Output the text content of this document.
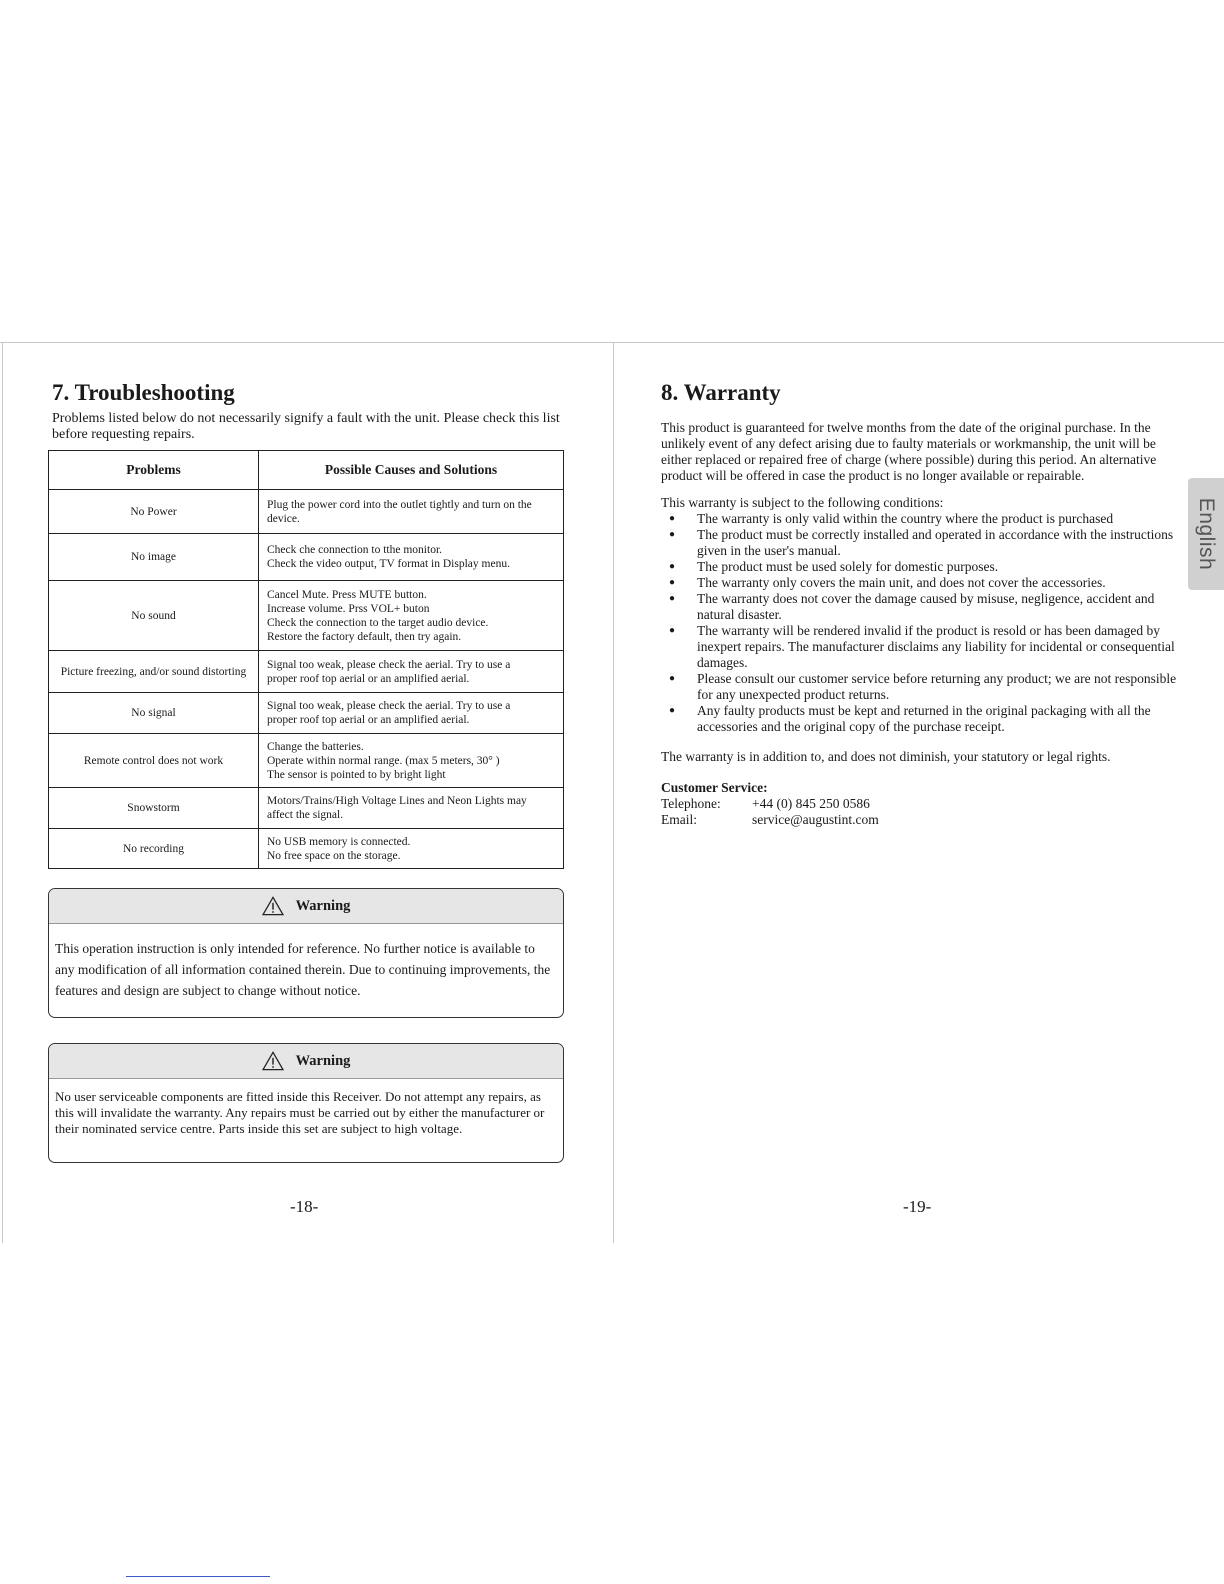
English
7. Troubleshooting
Problems listed below do not necessarily signify a fault with the unit. Please check this list before requesting repairs.
Problems	Possible Causes and Solutions
No Power	Plug the power cord into the outlet tightly and turn on the
device.

No image	Check che connection to tthe monitor.
Check the video output, TV format in Display menu.

No sound	Cancel Mute. Press MUTE button.
Increase volume. Prss VOL+ buton
Check the connection to the target audio device.
Restore the factory default, then try again.

Picture freezing, and/or sound distorting	Signal too weak, please check the aerial. Try to use a
proper roof top aerial or an amplified aerial.

No signal	Signal too weak, please check the aerial. Try to use a
proper roof top aerial or an amplified aerial.

Remote control does not work	Change the batteries.
Operate within normal range. (max 5 meters, 30° )
The sensor is pointed to by bright light

Snowstorm	Motors/Trains/High Voltage Lines and Neon Lights may
affect the signal.

No recording	No USB memory is connected.
No free space on the storage.
Warning
This operation instruction is only intended for reference. No further notice is available to any modification of all information contained therein. Due to continuing improvements, the features and design are subject to change without notice.
Warning
No user serviceable components are fitted inside this Receiver. Do not attempt any repairs, as this will invalidate the warranty. Any repairs must be carried out by either the manufacturer or their nominated service centre. Parts inside this set are subject to high voltage.
-18-
8. Warranty
This product is guaranteed for twelve months from the date of the original purchase. In the unlikely event of any defect arising due to faulty materials or workmanship, the unit will be either replaced or repaired free of charge (where possible) during this period. An alternative product will be offered in case the product is no longer available or repairable.
This warranty is subject to the following conditions:
● The warranty is only valid within the country where the product is purchased
● The product must be correctly installed and operated in accordance with the instructions given in the user's manual.
● The product must be used solely for domestic purposes.
● The warranty only covers the main unit, and does not cover the accessories.
● The warranty does not cover the damage caused by misuse, negligence, accident and natural disaster.
● The warranty will be rendered invalid if the product is resold or has been damaged by inexpert repairs. The manufacturer disclaims any liability for incidental or consequential damages.
● Please consult our customer service before returning any product; we are not responsible for any unexpected product returns.
● Any faulty products must be kept and returned in the original packaging with all the accessories and the original copy of the purchase receipt.
The warranty is in addition to, and does not diminish, your statutory or legal rights.
Customer Service:
Telephone: +44 (0) 845 250 0586
Email:	service@augustint.com
-19-
